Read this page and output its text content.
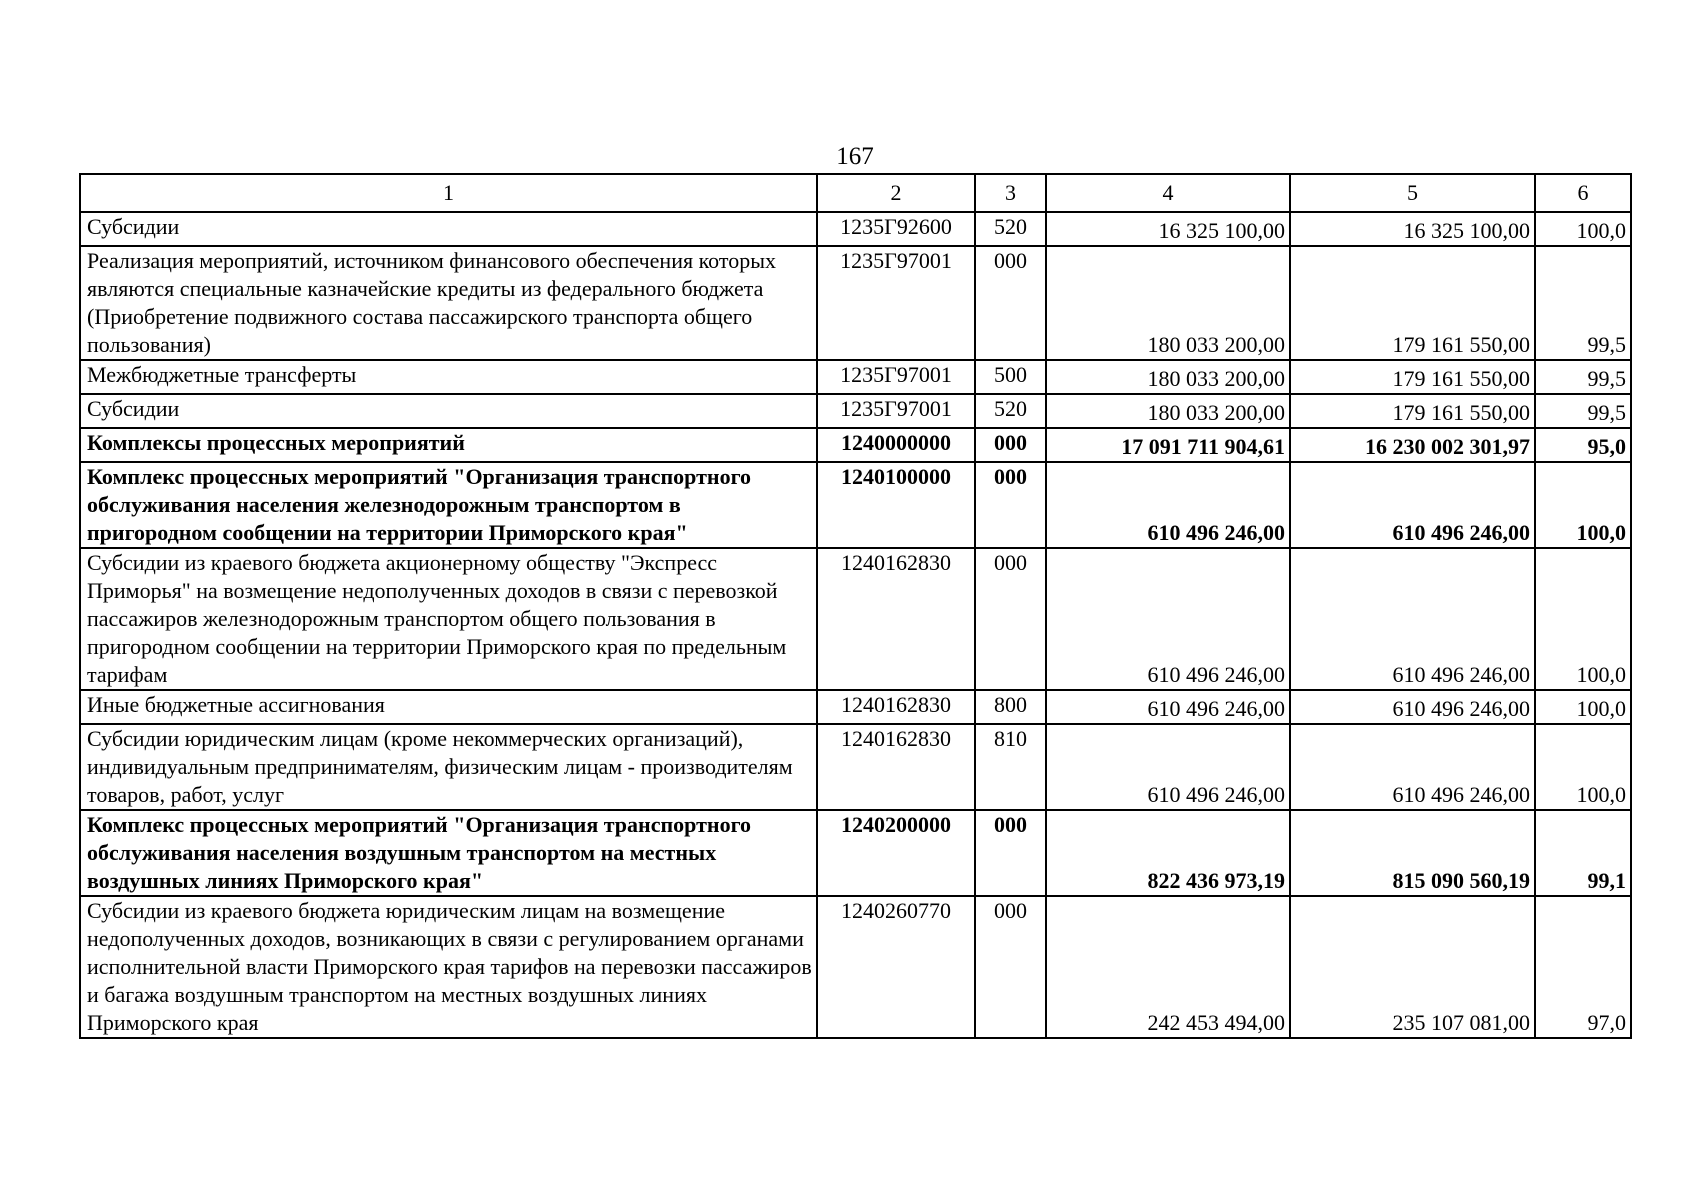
167
1	2	3	4	5	6
Субсидии	1235Г92600	520	16 325 100,00	16 325 100,00	100,0
Реализация мероприятий, источником финансового обеспечения которых являются специальные казначейские кредиты из федерального бюджета (Приобретение подвижного состава пассажирского транспорта общего пользования)	1235Г97001	000	180 033 200,00	179 161 550,00	99,5
Межбюджетные трансферты	1235Г97001	500	180 033 200,00	179 161 550,00	99,5
Субсидии	1235Г97001	520	180 033 200,00	179 161 550,00	99,5
Комплексы процессных мероприятий	1240000000	000	17 091 711 904,61	16 230 002 301,97	95,0
Комплекс процессных мероприятий "Организация транспортного обслуживания населения железнодорожным транспортом в пригородном сообщении на территории Приморского края"	1240100000	000	610 496 246,00	610 496 246,00	100,0
Субсидии из краевого бюджета акционерному обществу "Экспресс Приморья" на возмещение недополученных доходов в связи с перевозкой пассажиров железнодорожным транспортом общего пользования в пригородном сообщении на территории Приморского края по предельным тарифам	1240162830	000	610 496 246,00	610 496 246,00	100,0
Иные бюджетные ассигнования	1240162830	800	610 496 246,00	610 496 246,00	100,0
Субсидии юридическим лицам (кроме некоммерческих организаций), индивидуальным предпринимателям, физическим лицам - производителям товаров, работ, услуг	1240162830	810	610 496 246,00	610 496 246,00	100,0
Комплекс процессных мероприятий "Организация транспортного обслуживания населения воздушным транспортом на местных воздушных линиях Приморского края"	1240200000	000	822 436 973,19	815 090 560,19	99,1
Субсидии из краевого бюджета юридическим лицам на возмещение недополученных доходов, возникающих в связи с регулированием органами исполнительной власти Приморского края тарифов на перевозки пассажиров и багажа воздушным транспортом на местных воздушных линиях Приморского края	1240260770	000	242 453 494,00	235 107 081,00	97,0
